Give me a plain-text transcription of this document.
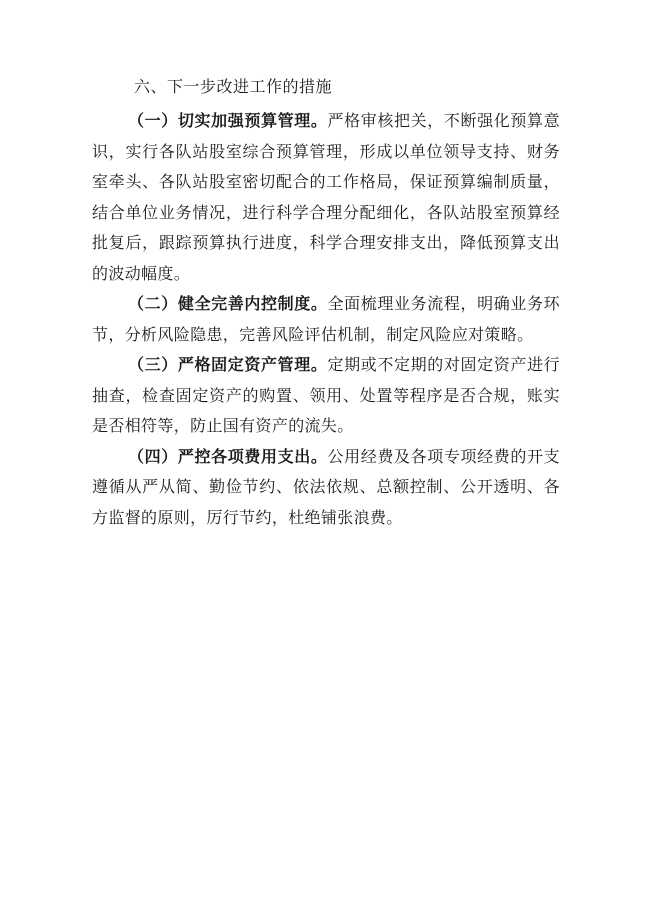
六、下一步改进工作的措施

（一）切实加强预算管理。严格审核把关，不断强化预算意识，实行各队站股室综合预算管理，形成以单位领导支持、财务室牵头、各队站股室密切配合的工作格局，保证预算编制质量，结合单位业务情况，进行科学合理分配细化，各队站股室预算经批复后，跟踪预算执行进度，科学合理安排支出，降低预算支出的波动幅度。

（二）健全完善内控制度。全面梳理业务流程，明确业务环节，分析风险隐患，完善风险评估机制，制定风险应对策略。

（三）严格固定资产管理。定期或不定期的对固定资产进行抽查，检查固定资产的购置、领用、处置等程序是否合规，账实是否相符等，防止国有资产的流失。

（四）严控各项费用支出。公用经费及各项专项经费的开支遵循从严从简、勤俭节约、依法依规、总额控制、公开透明、各方监督的原则，厉行节约，杜绝铺张浪费。
